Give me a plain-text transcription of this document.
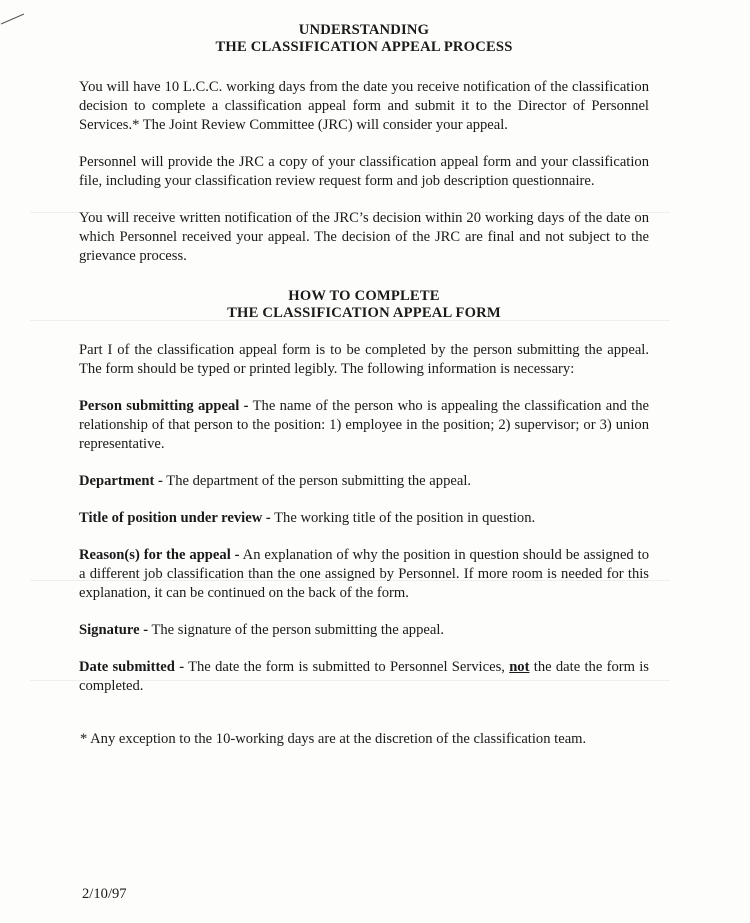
UNDERSTANDING
THE CLASSIFICATION APPEAL PROCESS

You will have 10 L.C.C. working days from the date you receive notification of the classification decision to complete a classification appeal form and submit it to the Director of Personnel Services.* The Joint Review Committee (JRC) will consider your appeal.

Personnel will provide the JRC a copy of your classification appeal form and your classification file, including your classification review request form and job description questionnaire.

You will receive written notification of the JRC’s decision within 20 working days of the date on which Personnel received your appeal. The decision of the JRC are final and not subject to the grievance process.

HOW TO COMPLETE
THE CLASSIFICATION APPEAL FORM

Part I of the classification appeal form is to be completed by the person submitting the appeal. The form should be typed or printed legibly. The following information is necessary:

Person submitting appeal - The name of the person who is appealing the classification and the relationship of that person to the position: 1) employee in the position; 2) supervisor; or 3) union representative.

Department - The department of the person submitting the appeal.

Title of position under review - The working title of the position in question.

Reason(s) for the appeal - An explanation of why the position in question should be assigned to a different job classification than the one assigned by Personnel. If more room is needed for this explanation, it can be continued on the back of the form.

Signature - The signature of the person submitting the appeal.

Date submitted - The date the form is submitted to Personnel Services, not the date the form is completed.

* Any exception to the 10-working days are at the discretion of the classification team.

2/10/97
